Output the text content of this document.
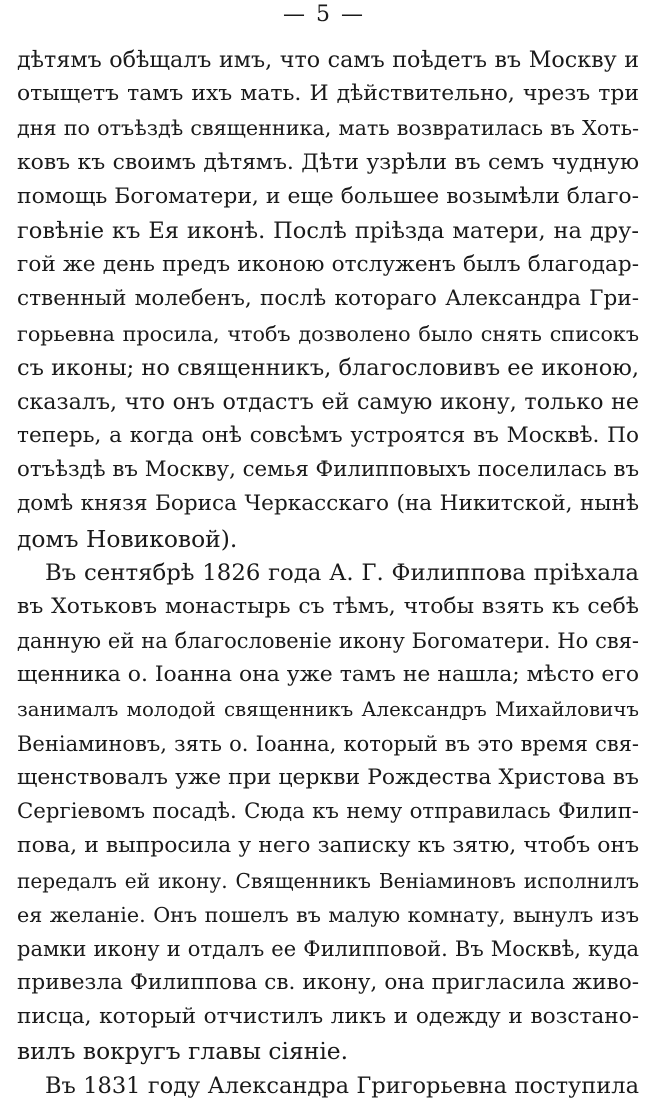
— 5 —
дѣтямъ обѣщалъ имъ, что самъ поѣдетъ въ Москву и
отыщетъ тамъ ихъ мать. И дѣйствительно, чрезъ три
дня по отъѣздѣ священника, мать возвратилась въ Хоть-
ковъ къ своимъ дѣтямъ. Дѣти узрѣли въ семъ чудную
помощь Богоматери, и еще большее возымѣли благо-
говѣнie къ Ея иконѣ. Послѣ прiѣзда матери, на дру-
гой же день предъ иконою отслуженъ былъ благодар-
ственный молебенъ, послѣ котораго Александра Гри-
горьевна просила, чтобъ дозволено было снять списокъ
съ иконы; но священникъ, благословивъ ее иконою,
сказалъ, что онъ отдастъ ей самую икону, только не
теперь, а когда онѣ совсѣмъ устроятся въ Москвѣ. По
отъѣздѣ въ Москву, семья Филипповыхъ поселилась въ
домѣ князя Бориса Черкасскаго (на Никитской, нынѣ
домъ Новиковой).
Въ сентябрѣ 1826 года А. Г. Филиппова прiѣхала
въ Хотьковъ монастырь съ тѣмъ, чтобы взять къ себѣ
данную ей на благословенie икону Богоматери. Но свя-
щенника о. Iоанна она уже тамъ не нашла; мѣсто его
занималъ молодой священникъ Александръ Михайловичъ
Венiаминовъ, зять о. Iоанна, который въ это время свя-
щенствовалъ уже при церкви Рождества Христова въ
Сергiевомъ посадѣ. Сюда къ нему отправилась Филип-
пова, и выпросила у него записку къ зятю, чтобъ онъ
передалъ ей икону. Священникъ Венiаминовъ исполнилъ
ея желанie. Онъ пошелъ въ малую комнату, вынулъ изъ
рамки икону и отдалъ ее Филипповой. Въ Москвѣ, куда
привезла Филиппова св. икону, она пригласила живо-
писца, который отчистилъ ликъ и одежду и возстано-
вилъ вокругъ главы сiянie.
Въ 1831 году Александра Григорьевна поступила
